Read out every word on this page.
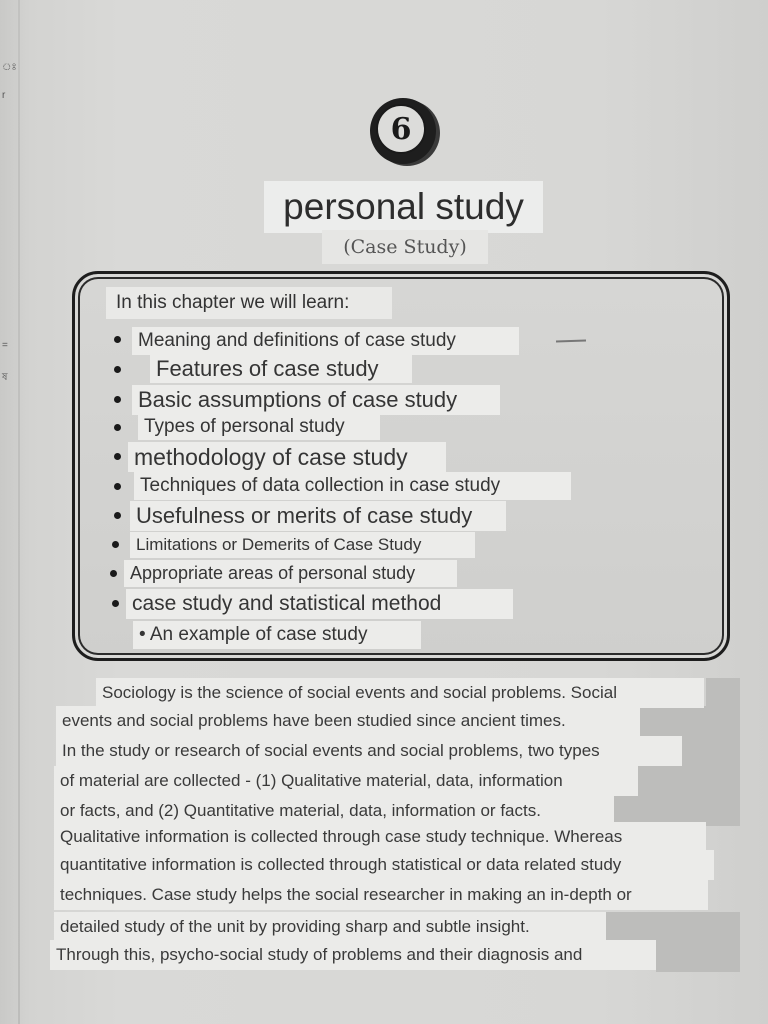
ঃ
r
=
ষ
6
personal study
(Case Study)
In this chapter we will learn:
Meaning and definitions of case study
Features of case study
Basic assumptions of case study
Types of personal study
methodology of case study
Techniques of data collection in case study
Usefulness or merits of case study
Limitations or Demerits of Case Study
Appropriate areas of personal study
case study and statistical method
• An example of case study
Sociology is the science of social events and social problems. Social
events and social problems have been studied since ancient times.
In the study or research of social events and social problems, two types
of material are collected - (1) Qualitative material, data, information
or facts, and (2) Quantitative material, data, information or facts.
Qualitative information is collected through case study technique. Whereas
quantitative information is collected through statistical or data related study
techniques. Case study helps the social researcher in making an in-depth or
detailed study of the unit by providing sharp and subtle insight.
Through this, psycho-social study of problems and their diagnosis and
